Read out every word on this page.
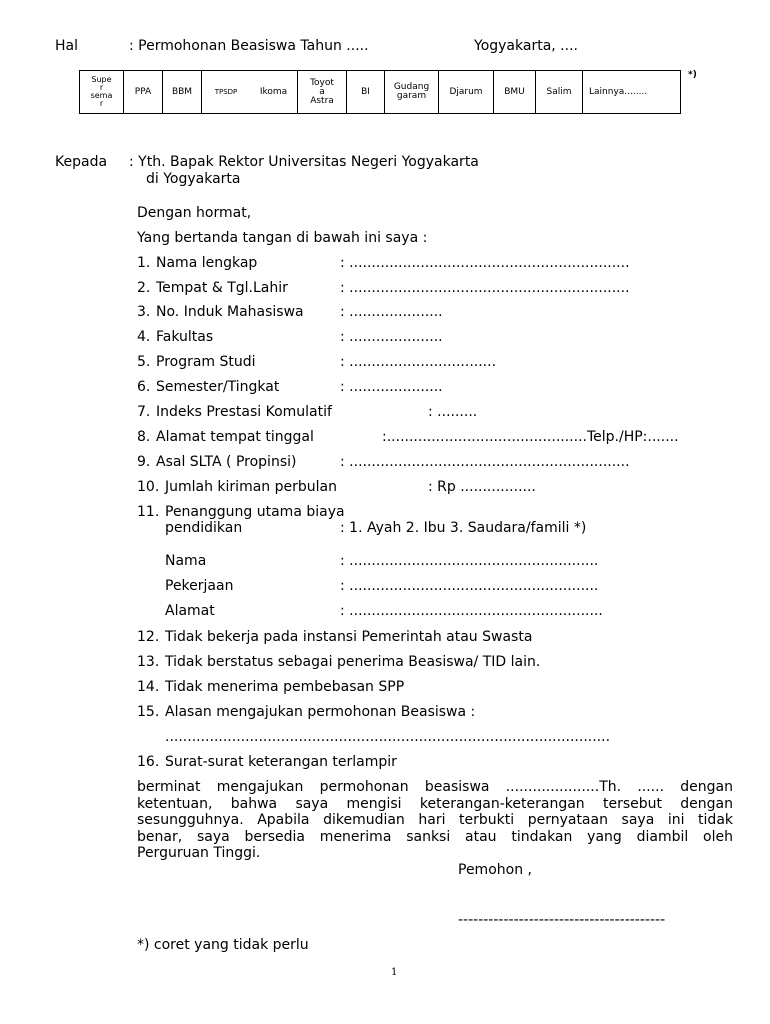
Hal	: Permohonan Beasiswa Tahun .....	Yogyakarta, ....
*)
Supe
r
sema
r
PPA BBM	TPSDP	Ikoma
Toyot
a
Astra
BI	Gudang
garam	Djarum BMU Salim Lainnya........
Kepada : Yth. Bapak Rektor Universitas Negeri Yogyakarta
di Yogyakarta
Dengan hormat,
Yang bertanda tangan di bawah ini saya :
1. Nama lengkap	: ...............................................................
2. Tempat & Tgl.Lahir	: ...............................................................
3. No. Induk Mahasiswa	: .....................
4. Fakultas	: .....................
5. Program Studi	: .................................
6. Semester/Tingkat	: .....................
7. Indeks Prestasi Komulatif	: .........
8. Alamat tempat tinggal	:.............................................Telp./HP:.......
9. Asal SLTA ( Propinsi)	: ...............................................................
10. Jumlah kiriman perbulan	: Rp .................
11. Penanggung utama biaya
pendidikan	: 1. Ayah 2. Ibu 3. Saudara/famili *)
Nama	: ........................................................
Pekerjaan	: ........................................................
Alamat	: .........................................................
12. Tidak bekerja pada instansi Pemerintah atau Swasta
13. Tidak berstatus sebagai penerima Beasiswa/ TID lain.
14. Tidak menerima pembebasan SPP
15. Alasan mengajukan permohonan Beasiswa :
....................................................................................................
16. Surat-surat keterangan terlampir
berminat mengajukan permohonan beasiswa .....................Th. ...... dengan
ketentuan, bahwa saya mengisi keterangan-keterangan tersebut dengan
sesungguhnya. Apabila dikemudian hari terbukti pernyataan saya ini tidak
benar, saya bersedia menerima sanksi atau tindakan yang diambil oleh
Perguruan Tinggi.
Pemohon ,
-----------------------------------------
*) coret yang tidak perlu
1
